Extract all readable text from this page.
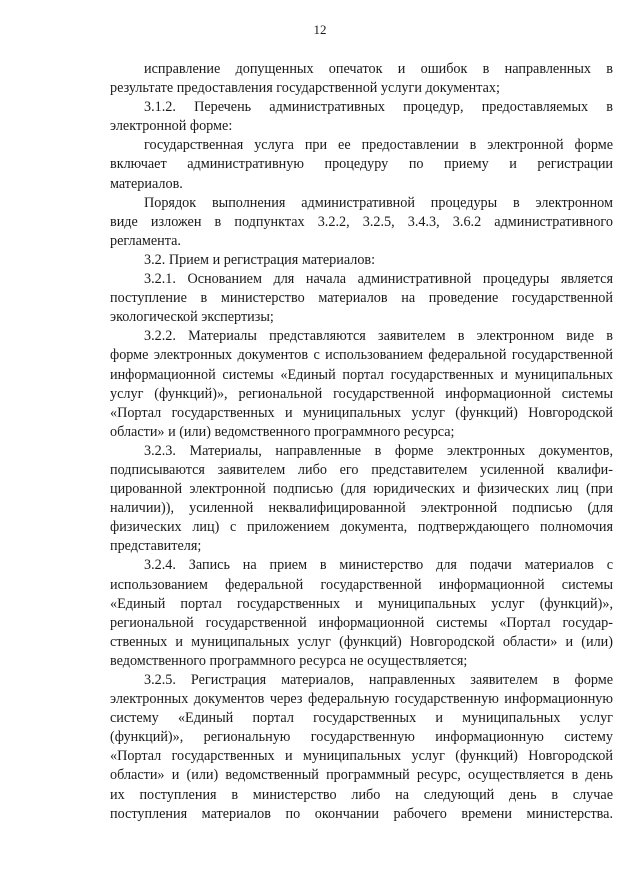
12
исправление допущенных опечаток и ошибок в направленных в
результате предоставления государственной услуги документах;
3.1.2. Перечень административных процедур, предоставляемых в
электронной форме:
государственная услуга при ее предоставлении в электронной форме
включает административную процедуру по приему и регистрации
материалов.
Порядок выполнения административной процедуры в электронном
виде изложен в подпунктах 3.2.2, 3.2.5, 3.4.3, 3.6.2 административного
регламента.
3.2. Прием и регистрация материалов:
3.2.1. Основанием для начала административной процедуры является
поступление в министерство материалов на проведение государственной
экологической экспертизы;
3.2.2. Материалы представляются заявителем в электронном виде в
форме электронных документов с использованием федеральной государственной
информационной системы «Единый портал государственных и муниципальных
услуг (функций)», региональной государственной информационной системы
«Портал государственных и муниципальных услуг (функций) Новгородской
области» и (или) ведомственного программного ресурса;
3.2.3. Материалы, направленные в форме электронных документов,
подписываются заявителем либо его представителем усиленной квалифи-
цированной электронной подписью (для юридических и физических лиц (при
наличии)), усиленной неквалифицированной электронной подписью (для
физических лиц) с приложением документа, подтверждающего полномочия
представителя;
3.2.4. Запись на прием в министерство для подачи материалов с
использованием федеральной государственной информационной системы
«Единый портал государственных и муниципальных услуг (функций)»,
региональной государственной информационной системы «Портал государ-
ственных и муниципальных услуг (функций) Новгородской области» и (или)
ведомственного программного ресурса не осуществляется;
3.2.5. Регистрация материалов, направленных заявителем в форме
электронных документов через федеральную государственную информационную
систему «Единый портал государственных и муниципальных услуг
(функций)», региональную государственную информационную систему
«Портал государственных и муниципальных услуг (функций) Новгородской
области» и (или) ведомственный программный ресурс, осуществляется в день
их поступления в министерство либо на следующий день в случае
поступления материалов по окончании рабочего времени министерства.
